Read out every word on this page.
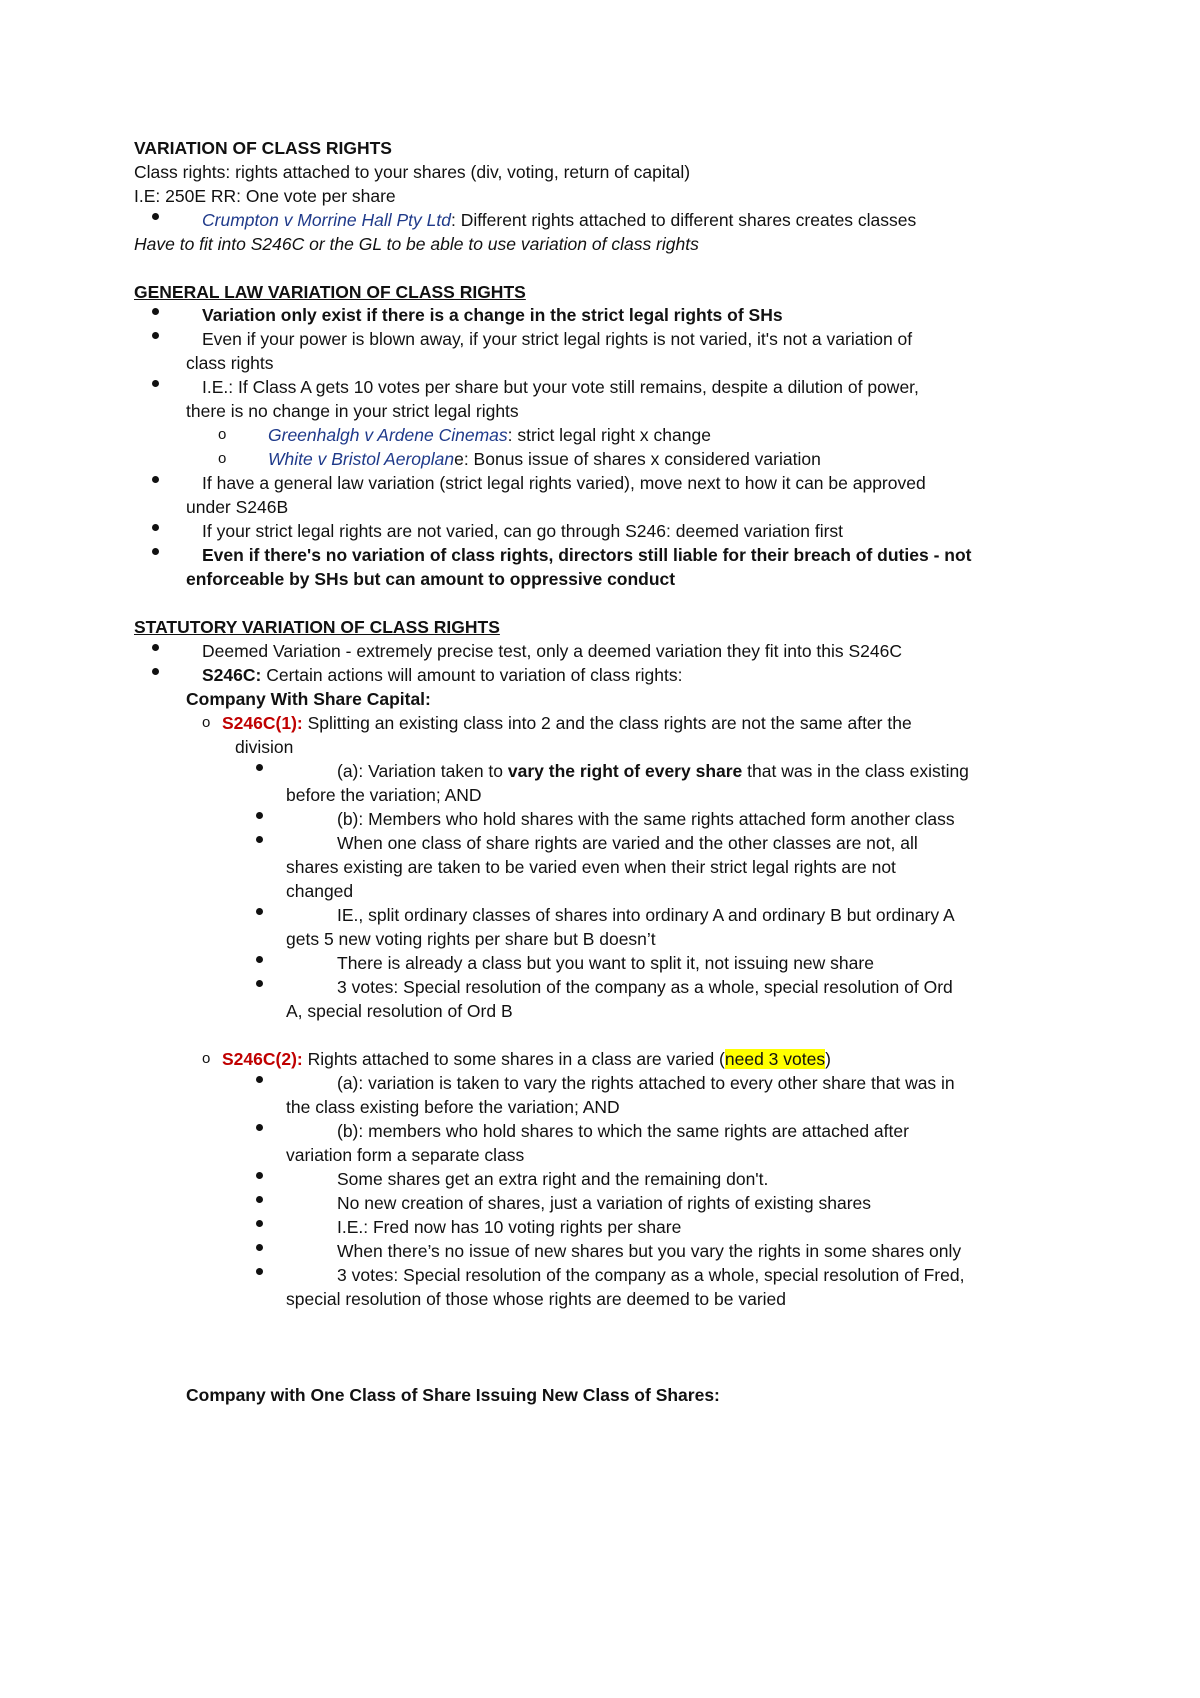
VARIATION OF CLASS RIGHTS
Class rights: rights attached to your shares (div, voting, return of capital)
I.E: 250E RR: One vote per share
Crumpton v Morrine Hall Pty Ltd: Different rights attached to different shares creates classes
Have to fit into S246C or the GL to be able to use variation of class rights
GENERAL LAW VARIATION OF CLASS RIGHTS
Variation only exist if there is a change in the strict legal rights of SHs
Even if your power is blown away, if your strict legal rights is not varied, it's not a variation of
class rights
I.E.: If Class A gets 10 votes per share but your vote still remains, despite a dilution of power,
there is no change in your strict legal rights
o Greenhalgh v Ardene Cinemas: strict legal right x change
o White v Bristol Aeroplane: Bonus issue of shares x considered variation
If have a general law variation (strict legal rights varied), move next to how it can be approved
under S246B
If your strict legal rights are not varied, can go through S246: deemed variation first
Even if there's no variation of class rights, directors still liable for their breach of duties - not
enforceable by SHs but can amount to oppressive conduct
STATUTORY VARIATION OF CLASS RIGHTS
Deemed Variation - extremely precise test, only a deemed variation they fit into this S246C
S246C: Certain actions will amount to variation of class rights:
Company With Share Capital:
o S246C(1): Splitting an existing class into 2 and the class rights are not the same after the
division
(a): Variation taken to vary the right of every share that was in the class existing
before the variation; AND
(b): Members who hold shares with the same rights attached form another class
When one class of share rights are varied and the other classes are not, all
shares existing are taken to be varied even when their strict legal rights are not
changed
IE., split ordinary classes of shares into ordinary A and ordinary B but ordinary A
gets 5 new voting rights per share but B doesn’t
There is already a class but you want to split it, not issuing new share
3 votes: Special resolution of the company as a whole, special resolution of Ord
A, special resolution of Ord B
o S246C(2): Rights attached to some shares in a class are varied (need 3 votes)
(a): variation is taken to vary the rights attached to every other share that was in
the class existing before the variation; AND
(b): members who hold shares to which the same rights are attached after
variation form a separate class
Some shares get an extra right and the remaining don't.
No new creation of shares, just a variation of rights of existing shares
I.E.: Fred now has 10 voting rights per share
When there’s no issue of new shares but you vary the rights in some shares only
3 votes: Special resolution of the company as a whole, special resolution of Fred,
special resolution of those whose rights are deemed to be varied
Company with One Class of Share Issuing New Class of Shares:
